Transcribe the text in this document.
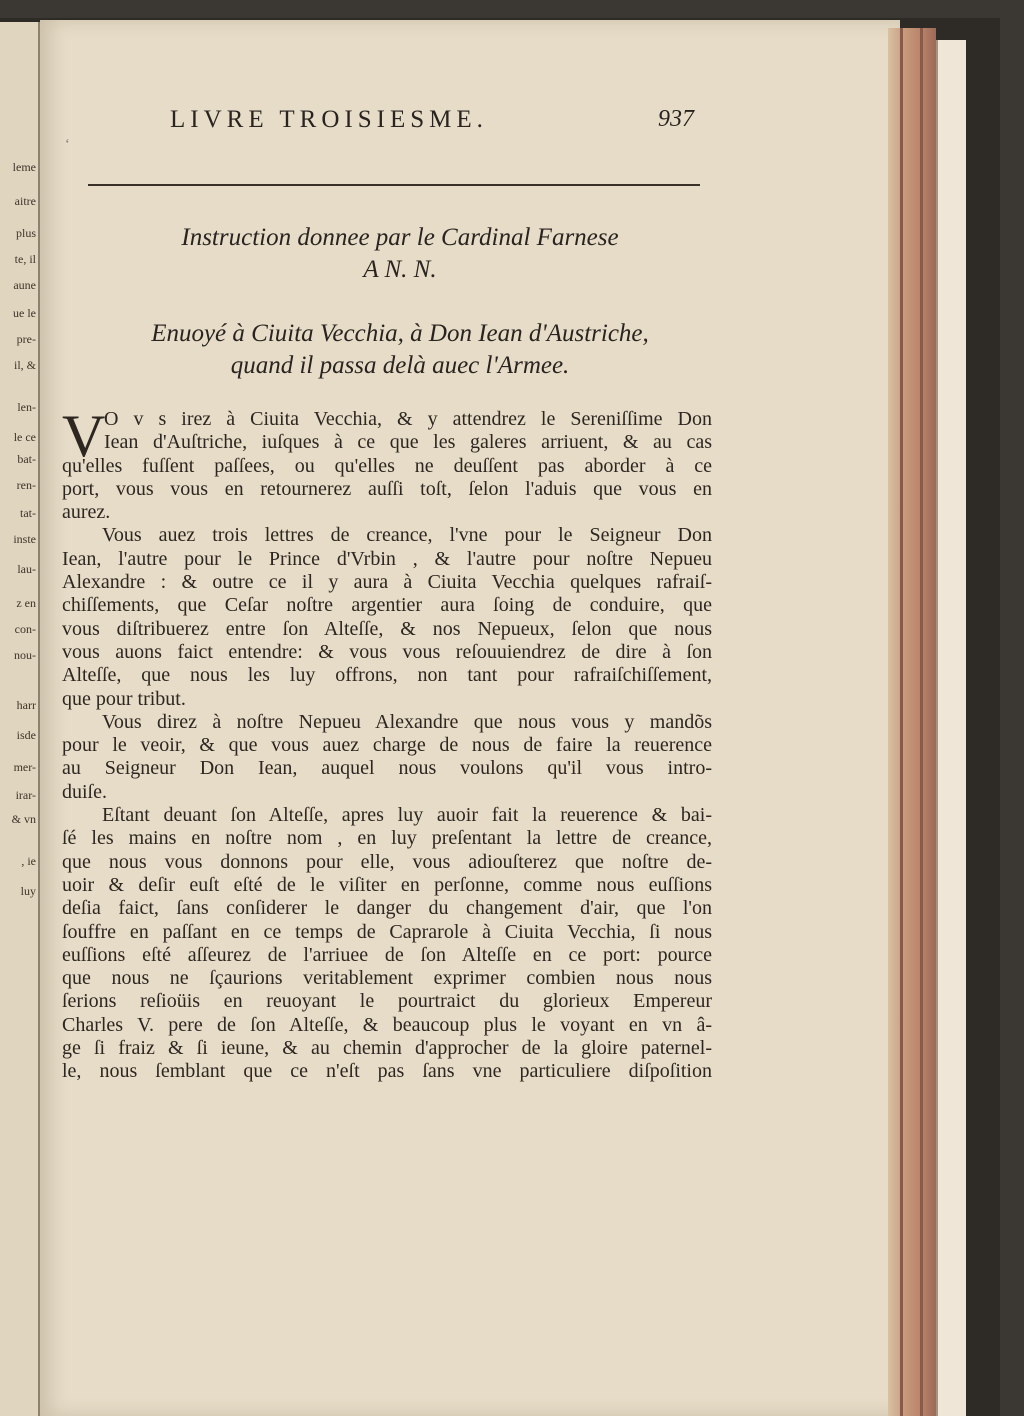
leme
aitre
plus
te, il
aune
ue le
pre-
il, &
len-
le ce
bat-
ren-
tat-
inste
lau-
z en
con-
nou-
harr
isde
mer-
irar-
& vn
, ie
luy
‘
LIVRE TROISIESME.	937
Instruction donnee par le Cardinal Farnese
A N. N.
Enuoyé à Ciuita Vecchia, à Don Iean d'Austriche,
quand il passa delà auec l'Armee.
V
O v s irez à Ciuita Vecchia, & y attendrez le Sereniſſime Don
Iean d'Auſtriche, iuſques à ce que les galeres arriuent, & au cas
qu'elles fuſſent paſſees, ou qu'elles ne deuſſent pas aborder à ce
port, vous vous en retournerez auſſi toſt, ſelon l'aduis que vous en
aurez.
Vous auez trois lettres de creance, l'vne pour le Seigneur Don
Iean, l'autre pour le Prince d'Vrbin , & l'autre pour noſtre Nepueu
Alexandre : & outre ce il y aura à Ciuita Vecchia quelques rafraiſ-
chiſſements, que Ceſar noſtre argentier aura ſoing de conduire, que
vous diſtribuerez entre ſon Alteſſe, & nos Nepueux, ſelon que nous
vous auons faict entendre: & vous vous reſouuiendrez de dire à ſon
Alteſſe, que nous les luy offrons, non tant pour rafraiſchiſſement,
que pour tribut.
Vous direz à noſtre Nepueu Alexandre que nous vous y mandõs
pour le veoir, & que vous auez charge de nous de faire la reuerence
au Seigneur Don Iean, auquel nous voulons qu'il vous intro-
duiſe.
Eſtant deuant ſon Alteſſe, apres luy auoir fait la reuerence & bai-
ſé les mains en noſtre nom , en luy preſentant la lettre de creance,
que nous vous donnons pour elle, vous adiouſterez que noſtre de-
uoir & deſir euſt eſté de le viſiter en perſonne, comme nous euſſions
deſia faict, ſans conſiderer le danger du changement d'air, que l'on
ſouffre en paſſant en ce temps de Caprarole à Ciuita Vecchia, ſi nous
euſſions eſté aſſeurez de l'arriuee de ſon Alteſſe en ce port: pource
que nous ne ſçaurions veritablement exprimer combien nous nous
ſerions reſioüis en reuoyant le pourtraict du glorieux Empereur
Charles V. pere de ſon Alteſſe, & beaucoup plus le voyant en vn â-
ge ſi fraiz & ſi ieune, & au chemin d'approcher de la gloire paternel-
le, nous ſemblant que ce n'eſt pas ſans vne particuliere diſpoſition
